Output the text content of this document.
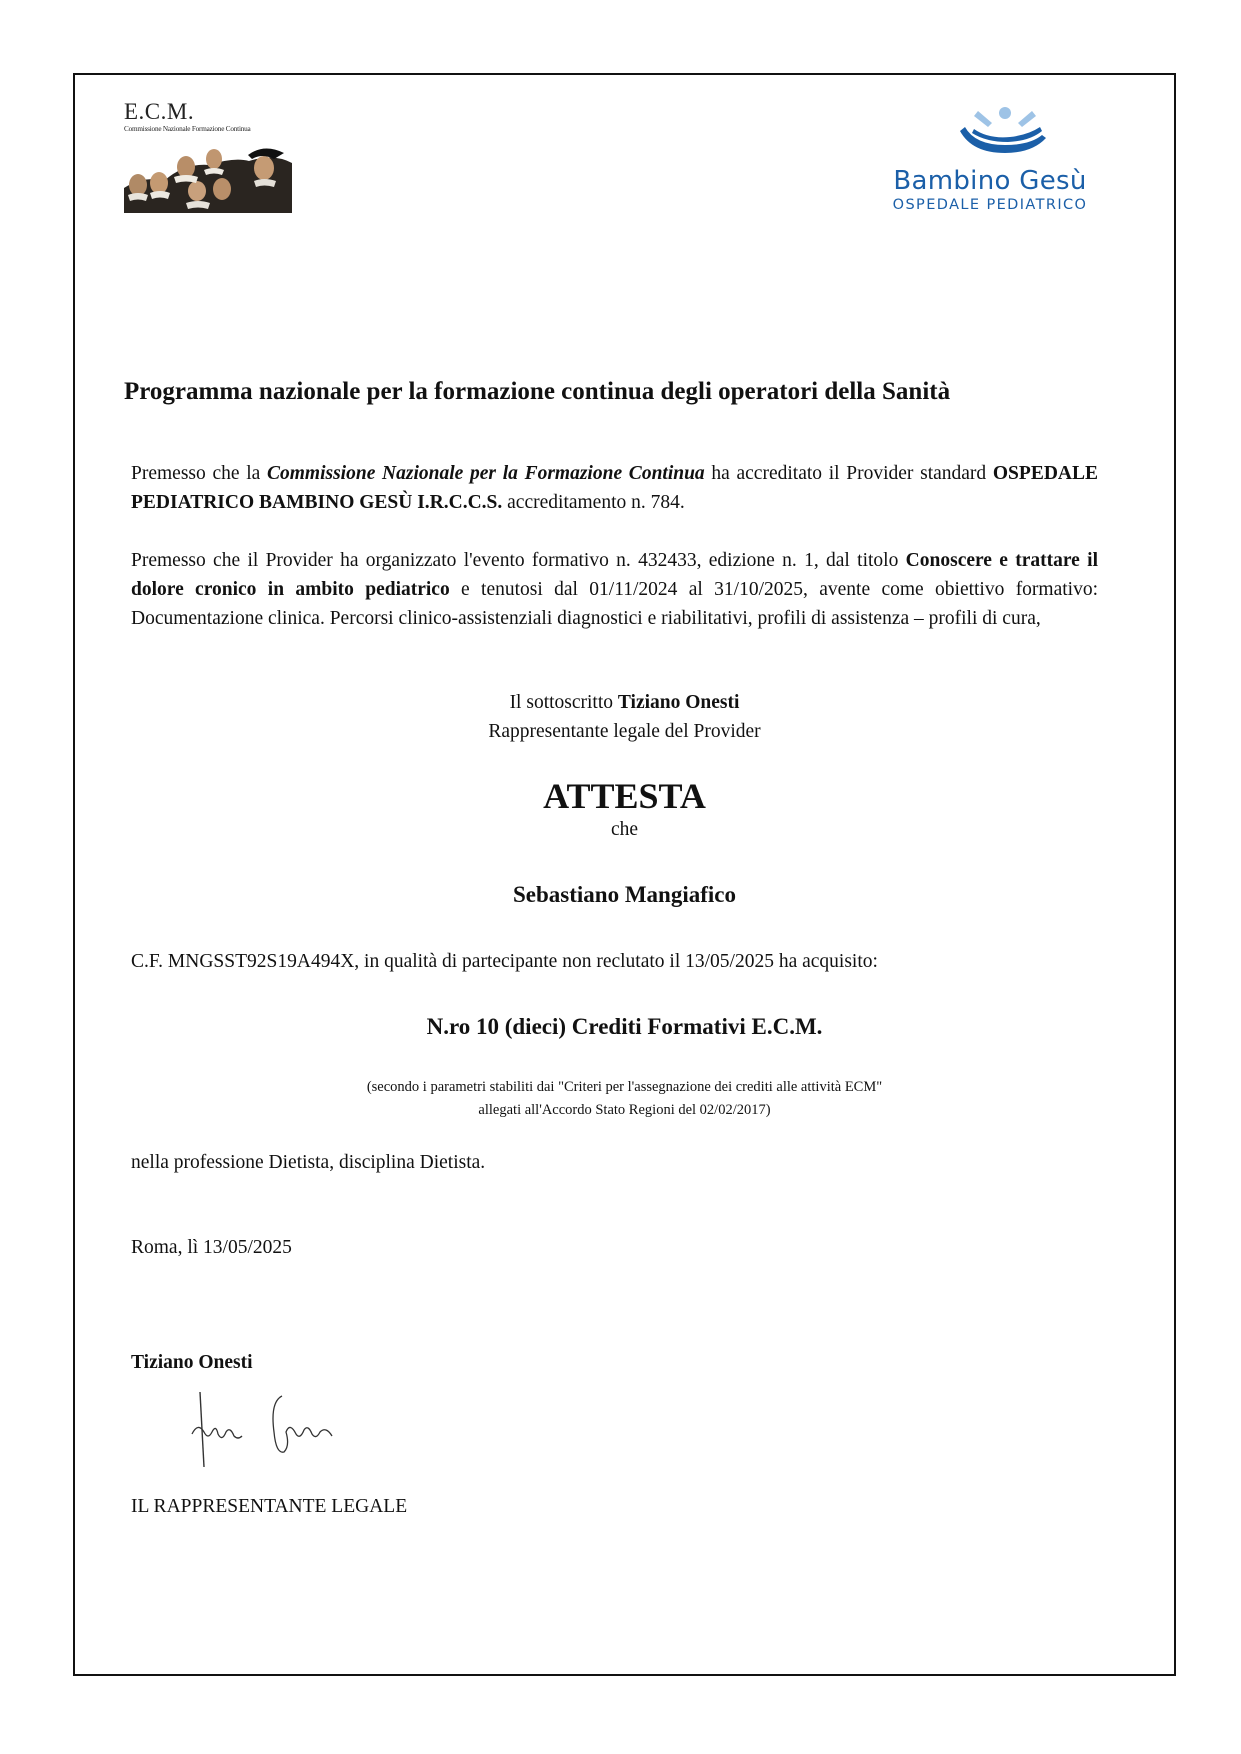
E.C.M.
Commissione Nazionale Formazione Continua
Bambino Gesù
OSPEDALE PEDIATRICO
Programma nazionale per la formazione continua degli operatori della Sanità
Premesso che la Commissione Nazionale per la Formazione Continua ha accreditato il Provider standard OSPEDALE PEDIATRICO BAMBINO GESÙ I.R.C.C.S. accreditamento n. 784.
Premesso che il Provider ha organizzato l'evento formativo n. 432433, edizione n. 1, dal titolo Conoscere e trattare il dolore cronico in ambito pediatrico e tenutosi dal 01/11/2024 al 31/10/2025, avente come obiettivo formativo: Documentazione clinica. Percorsi clinico-assistenziali diagnostici e riabilitativi, profili di assistenza – profili di cura,
Il sottoscritto Tiziano Onesti
Rappresentante legale del Provider
ATTESTA
che
Sebastiano Mangiafico
C.F. MNGSST92S19A494X, in qualità di partecipante non reclutato il 13/05/2025 ha acquisito:
N.ro 10 (dieci) Crediti Formativi E.C.M.
(secondo i parametri stabiliti dai "Criteri per l'assegnazione dei crediti alle attività ECM"
allegati all'Accordo Stato Regioni del 02/02/2017)
nella professione Dietista, disciplina Dietista.
Roma, lì 13/05/2025
Tiziano Onesti
IL RAPPRESENTANTE LEGALE
